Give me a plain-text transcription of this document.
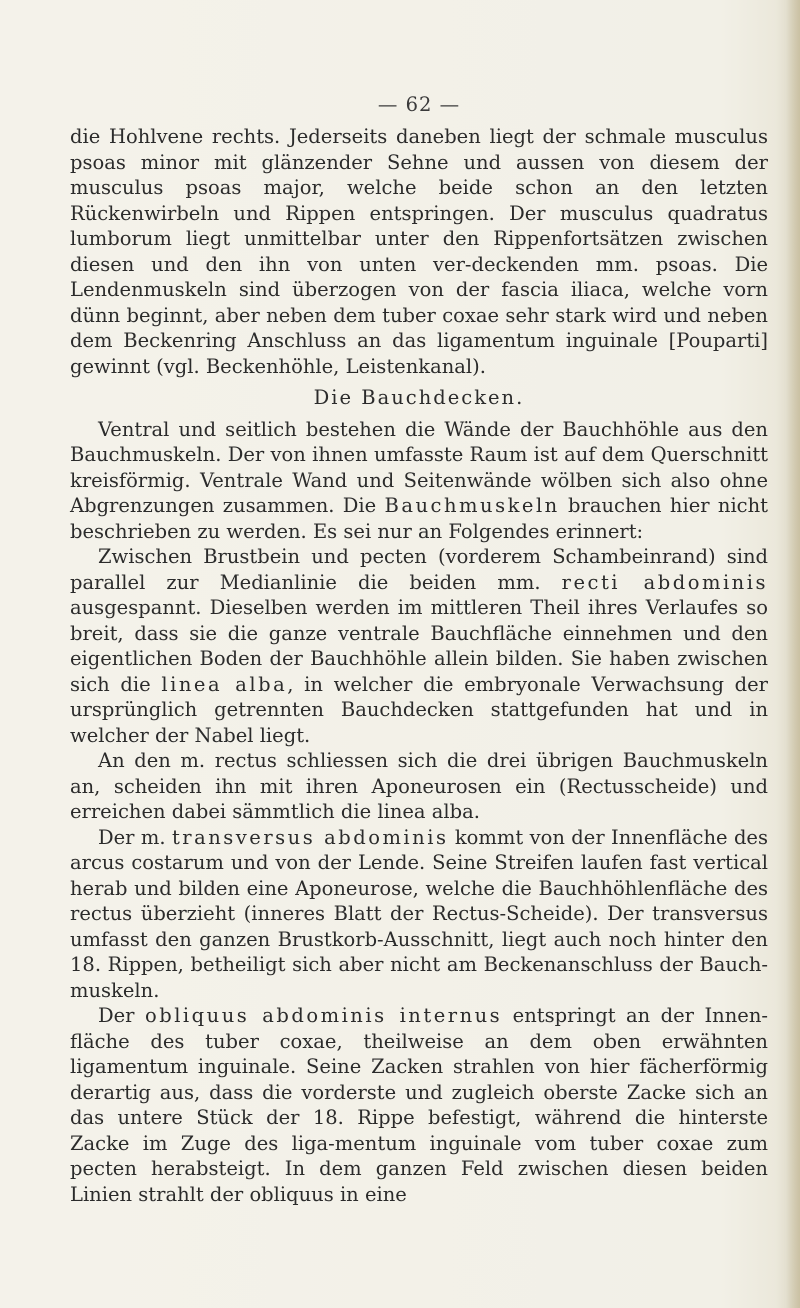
— 62 —

die Hohlvene rechts. Jederseits daneben liegt der schmale musculus psoas minor mit glänzender Sehne und aussen von diesem der musculus psoas major, welche beide schon an den letzten Rückenwirbeln und Rippen entspringen. Der musculus quadratus lumborum liegt unmittelbar unter den Rippenfortsätzen zwischen diesen und den ihn von unten ver-deckenden mm. psoas. Die Lendenmuskeln sind überzogen von der fascia iliaca, welche vorn dünn beginnt, aber neben dem tuber coxae sehr stark wird und neben dem Beckenring Anschluss an das ligamentum inguinale [Pouparti] gewinnt (vgl. Beckenhöhle, Leistenkanal).

Die Bauchdecken.

Ventral und seitlich bestehen die Wände der Bauchhöhle aus den Bauchmuskeln. Der von ihnen umfasste Raum ist auf dem Querschnitt kreisförmig. Ventrale Wand und Seitenwände wölben sich also ohne Abgrenzungen zusammen. Die Bauchmuskeln brauchen hier nicht beschrieben zu werden. Es sei nur an Folgendes erinnert:

Zwischen Brustbein und pecten (vorderem Schambeinrand) sind parallel zur Medianlinie die beiden mm. recti abdominis ausgespannt. Dieselben werden im mittleren Theil ihres Verlaufes so breit, dass sie die ganze ventrale Bauchfläche einnehmen und den eigentlichen Boden der Bauchhöhle allein bilden. Sie haben zwischen sich die linea alba, in welcher die embryonale Verwachsung der ursprünglich getrennten Bauchdecken stattgefunden hat und in welcher der Nabel liegt.

An den m. rectus schliessen sich die drei übrigen Bauchmuskeln an, scheiden ihn mit ihren Aponeurosen ein (Rectusscheide) und erreichen dabei sämmtlich die linea alba.

Der m. transversus abdominis kommt von der Innenfläche des arcus costarum und von der Lende. Seine Streifen laufen fast vertical herab und bilden eine Aponeurose, welche die Bauchhöhlenfläche des rectus überzieht (inneres Blatt der Rectus-Scheide). Der transversus umfasst den ganzen Brustkorb-Ausschnitt, liegt auch noch hinter den 18. Rippen, betheiligt sich aber nicht am Beckenanschluss der Bauch-muskeln.

Der obliquus abdominis internus entspringt an der Innen-fläche des tuber coxae, theilweise an dem oben erwähnten ligamentum inguinale. Seine Zacken strahlen von hier fächerförmig derartig aus, dass die vorderste und zugleich oberste Zacke sich an das untere Stück der 18. Rippe befestigt, während die hinterste Zacke im Zuge des liga-mentum inguinale vom tuber coxae zum pecten herabsteigt. In dem ganzen Feld zwischen diesen beiden Linien strahlt der obliquus in eine
